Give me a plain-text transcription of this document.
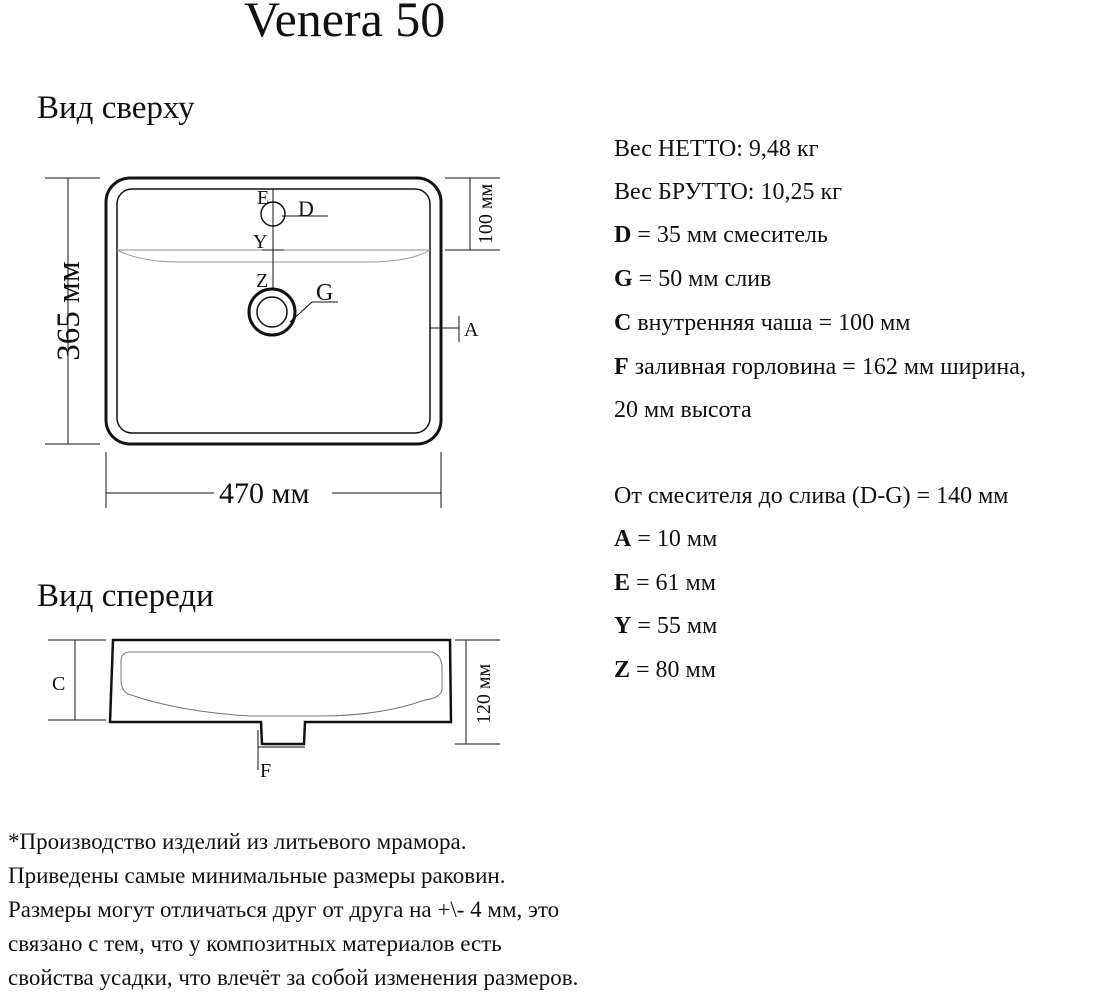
Venera 50
Вид сверху
Вид спереди
E D
Y
Z G
A
470 мм
365 мм
100 мм
C
F
120 мм
Вес НЕТТО: 9,48 кг
Вес БРУТТО: 10,25 кг
D = 35 мм смеситель
G = 50 мм слив
C внутренняя чаша = 100 мм
F заливная горловина = 162 мм ширина,
20 мм высота
От смесителя до слива (D-G) = 140 мм
A = 10 мм
E = 61 мм
Y = 55 мм
Z = 80 мм
*Производство изделий из литьевого мрамора.
Приведены самые минимальные размеры раковин.
Размеры могут отличаться друг от друга на +\- 4 мм, это
связано с тем, что у композитных материалов есть
свойства усадки, что влечёт за собой изменения размеров.
